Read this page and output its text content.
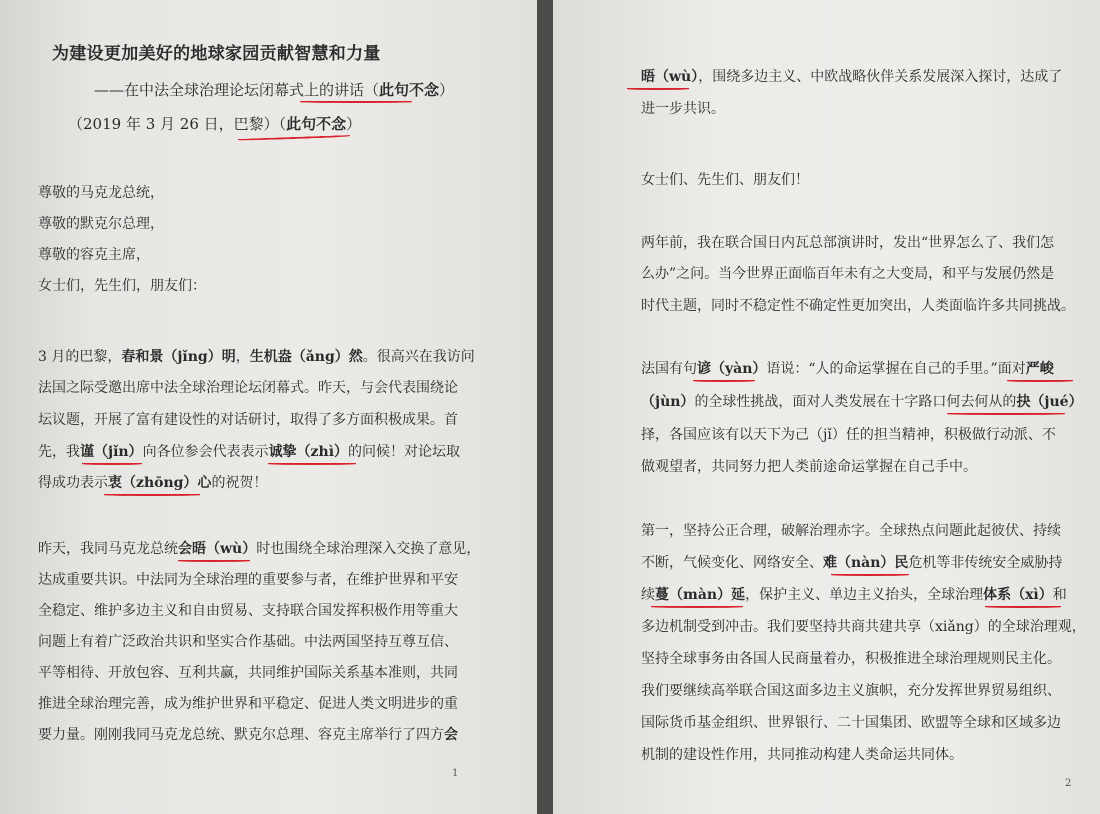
为建设更加美好的地球家园贡献智慧和力量
——在中法全球治理论坛闭幕式上的讲话（此句不念）
（2019 年 3 月 26 日，巴黎）（此句不念）
尊敬的马克龙总统，
尊敬的默克尔总理，
尊敬的容克主席，
女士们，先生们，朋友们：
3 月的巴黎，春和景（jǐng）明，生机盎（ǎng）然。很高兴在我访问
法国之际受邀出席中法全球治理论坛闭幕式。昨天，与会代表围绕论
坛议题，开展了富有建设性的对话研讨，取得了多方面积极成果。首
先，我谨（jǐn）向各位参会代表表示诚挚（zhì）的问候！对论坛取
得成功表示衷（zhōng）心的祝贺！
昨天，我同马克龙总统会晤（wù）时也围绕全球治理深入交换了意见，
达成重要共识。中法同为全球治理的重要参与者，在维护世界和平安
全稳定、维护多边主义和自由贸易、支持联合国发挥积极作用等重大
问题上有着广泛政治共识和坚实合作基础。中法两国坚持互尊互信、
平等相待、开放包容、互利共赢，共同维护国际关系基本准则，共同
推进全球治理完善，成为维护世界和平稳定、促进人类文明进步的重
要力量。刚刚我同马克龙总统、默克尔总理、容克主席举行了四方会
1
晤（wù），围绕多边主义、中欧战略伙伴关系发展深入探讨，达成了
进一步共识。
女士们、先生们、朋友们！
两年前，我在联合国日内瓦总部演讲时，发出“世界怎么了、我们怎
么办”之问。当今世界正面临百年未有之大变局，和平与发展仍然是
时代主题，同时不稳定性不确定性更加突出，人类面临许多共同挑战。
法国有句谚（yàn）语说：“人的命运掌握在自己的手里。”面对严峻
（jùn）的全球性挑战，面对人类发展在十字路口何去何从的抉（jué）
择，各国应该有以天下为己（jǐ）任的担当精神，积极做行动派、不
做观望者，共同努力把人类前途命运掌握在自己手中。
第一，坚持公正合理，破解治理赤字。全球热点问题此起彼伏、持续
不断，气候变化、网络安全、难（nàn）民危机等非传统安全威胁持
续蔓（màn）延，保护主义、单边主义抬头，全球治理体系（xì）和
多边机制受到冲击。我们要坚持共商共建共享（xiǎng）的全球治理观，
坚持全球事务由各国人民商量着办，积极推进全球治理规则民主化。
我们要继续高举联合国这面多边主义旗帜，充分发挥世界贸易组织、
国际货币基金组织、世界银行、二十国集团、欧盟等全球和区域多边
机制的建设性作用，共同推动构建人类命运共同体。
2
